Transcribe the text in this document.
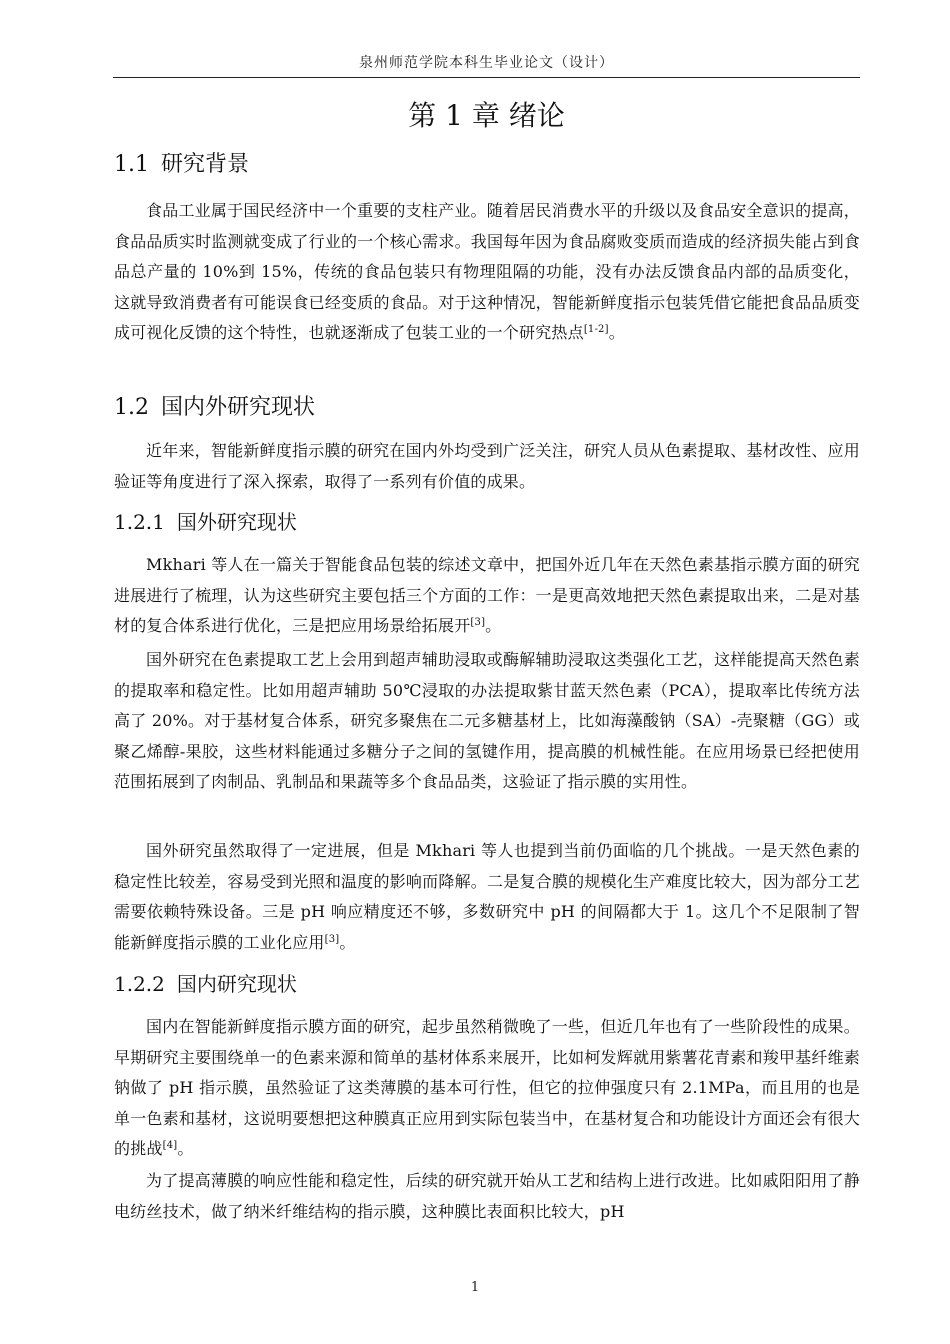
泉州师范学院本科生毕业论文（设计）
第 1 章 绪论
1.1 研究背景

食品工业属于国民经济中一个重要的支柱产业。随着居民消费水平的升级以及食品安全意识的提高，食品品质实时监测就变成了行业的一个核心需求。我国每年因为食品腐败变质而造成的经济损失能占到食品总产量的 10%到 15%，传统的食品包装只有物理阻隔的功能，没有办法反馈食品内部的品质变化，这就导致消费者有可能误食已经变质的食品。对于这种情况，智能新鲜度指示包装凭借它能把食品品质变成可视化反馈的这个特性，也就逐渐成了包装工业的一个研究热点[1-2]。

1.2 国内外研究现状

近年来，智能新鲜度指示膜的研究在国内外均受到广泛关注，研究人员从色素提取、基材改性、应用验证等角度进行了深入探索，取得了一系列有价值的成果。

1.2.1 国外研究现状

Mkhari 等人在一篇关于智能食品包装的综述文章中，把国外近几年在天然色素基指示膜方面的研究进展进行了梳理，认为这些研究主要包括三个方面的工作：一是更高效地把天然色素提取出来，二是对基材的复合体系进行优化，三是把应用场景给拓展开[3]。

国外研究在色素提取工艺上会用到超声辅助浸取或酶解辅助浸取这类强化工艺，这样能提高天然色素的提取率和稳定性。比如用超声辅助 50℃浸取的办法提取紫甘蓝天然色素（PCA），提取率比传统方法高了 20%。对于基材复合体系，研究多聚焦在二元多糖基材上，比如海藻酸钠（SA）-壳聚糖（GG）或聚乙烯醇-果胶，这些材料能通过多糖分子之间的氢键作用，提高膜的机械性能。在应用场景已经把使用范围拓展到了肉制品、乳制品和果蔬等多个食品品类，这验证了指示膜的实用性。

国外研究虽然取得了一定进展，但是 Mkhari 等人也提到当前仍面临的几个挑战。一是天然色素的稳定性比较差，容易受到光照和温度的影响而降解。二是复合膜的规模化生产难度比较大，因为部分工艺需要依赖特殊设备。三是 pH 响应精度还不够，多数研究中 pH 的间隔都大于 1。这几个不足限制了智能新鲜度指示膜的工业化应用[3]。

1.2.2 国内研究现状

国内在智能新鲜度指示膜方面的研究，起步虽然稍微晚了一些，但近几年也有了一些阶段性的成果。早期研究主要围绕单一的色素来源和简单的基材体系来展开，比如柯发辉就用紫薯花青素和羧甲基纤维素钠做了 pH 指示膜，虽然验证了这类薄膜的基本可行性，但它的拉伸强度只有 2.1MPa，而且用的也是单一色素和基材，这说明要想把这种膜真正应用到实际包装当中，在基材复合和功能设计方面还会有很大的挑战[4]。

为了提高薄膜的响应性能和稳定性，后续的研究就开始从工艺和结构上进行改进。比如戚阳阳用了静电纺丝技术，做了纳米纤维结构的指示膜，这种膜比表面积比较大，pH

1
